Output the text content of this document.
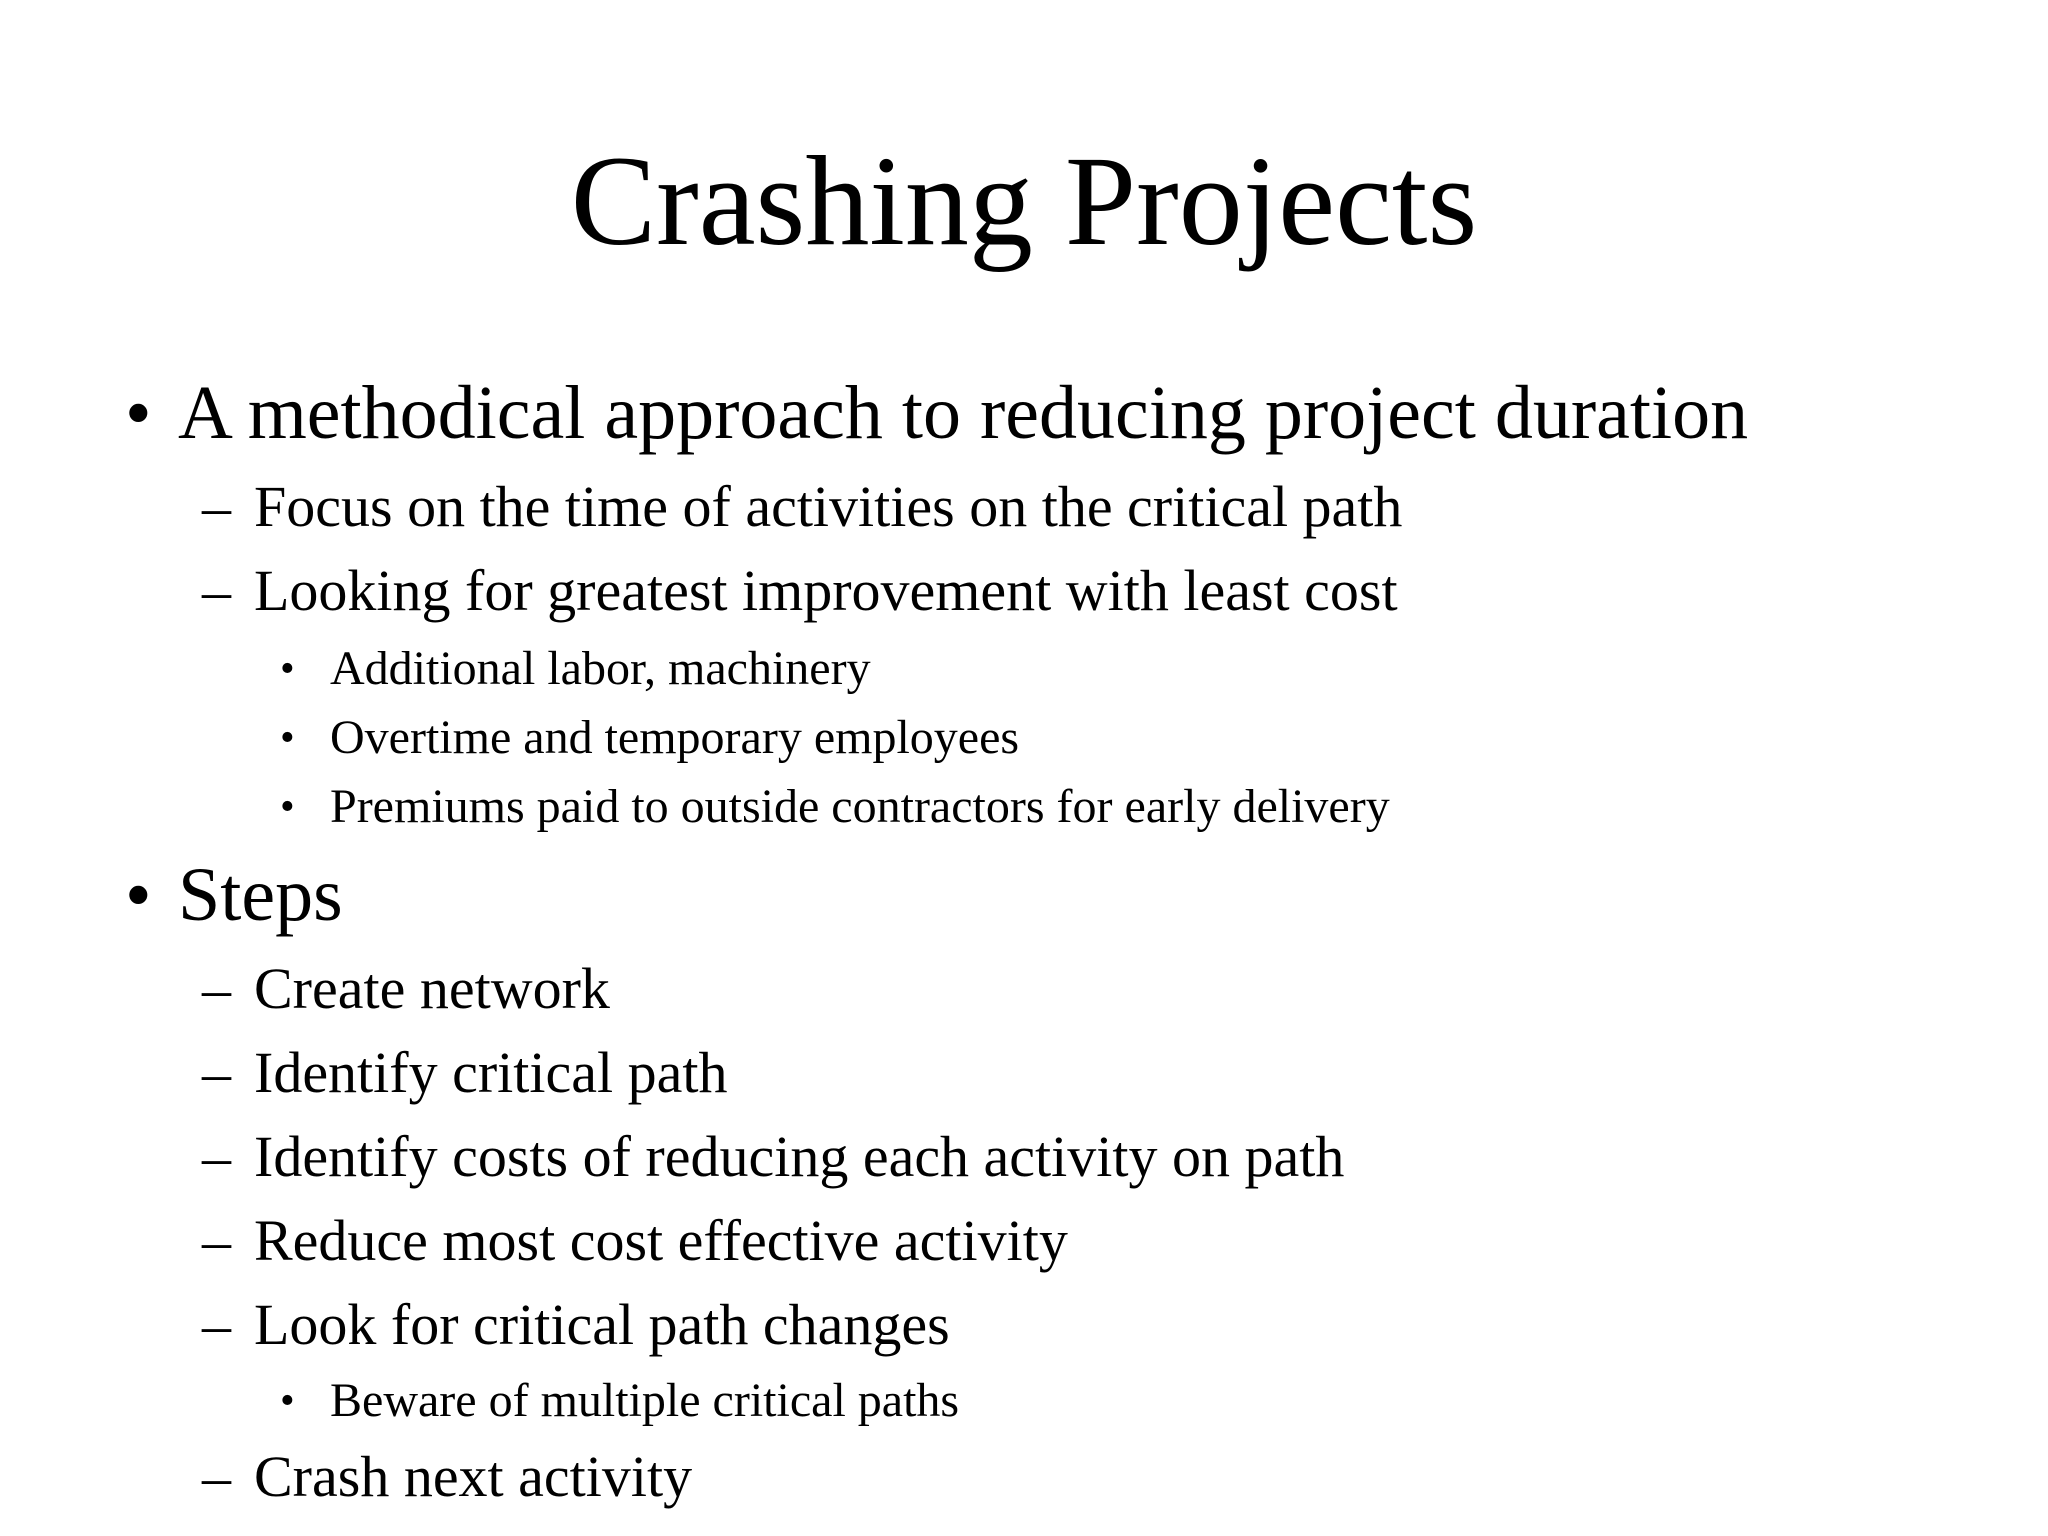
Crashing Projects
• A methodical approach to reducing project duration
– Focus on the time of activities on the critical path
– Looking for greatest improvement with least cost
• Additional labor, machinery
• Overtime and temporary employees
• Premiums paid to outside contractors for early delivery
• Steps
– Create network
– Identify critical path
– Identify costs of reducing each activity on path
– Reduce most cost effective activity
– Look for critical path changes
• Beware of multiple critical paths
– Crash next activity
